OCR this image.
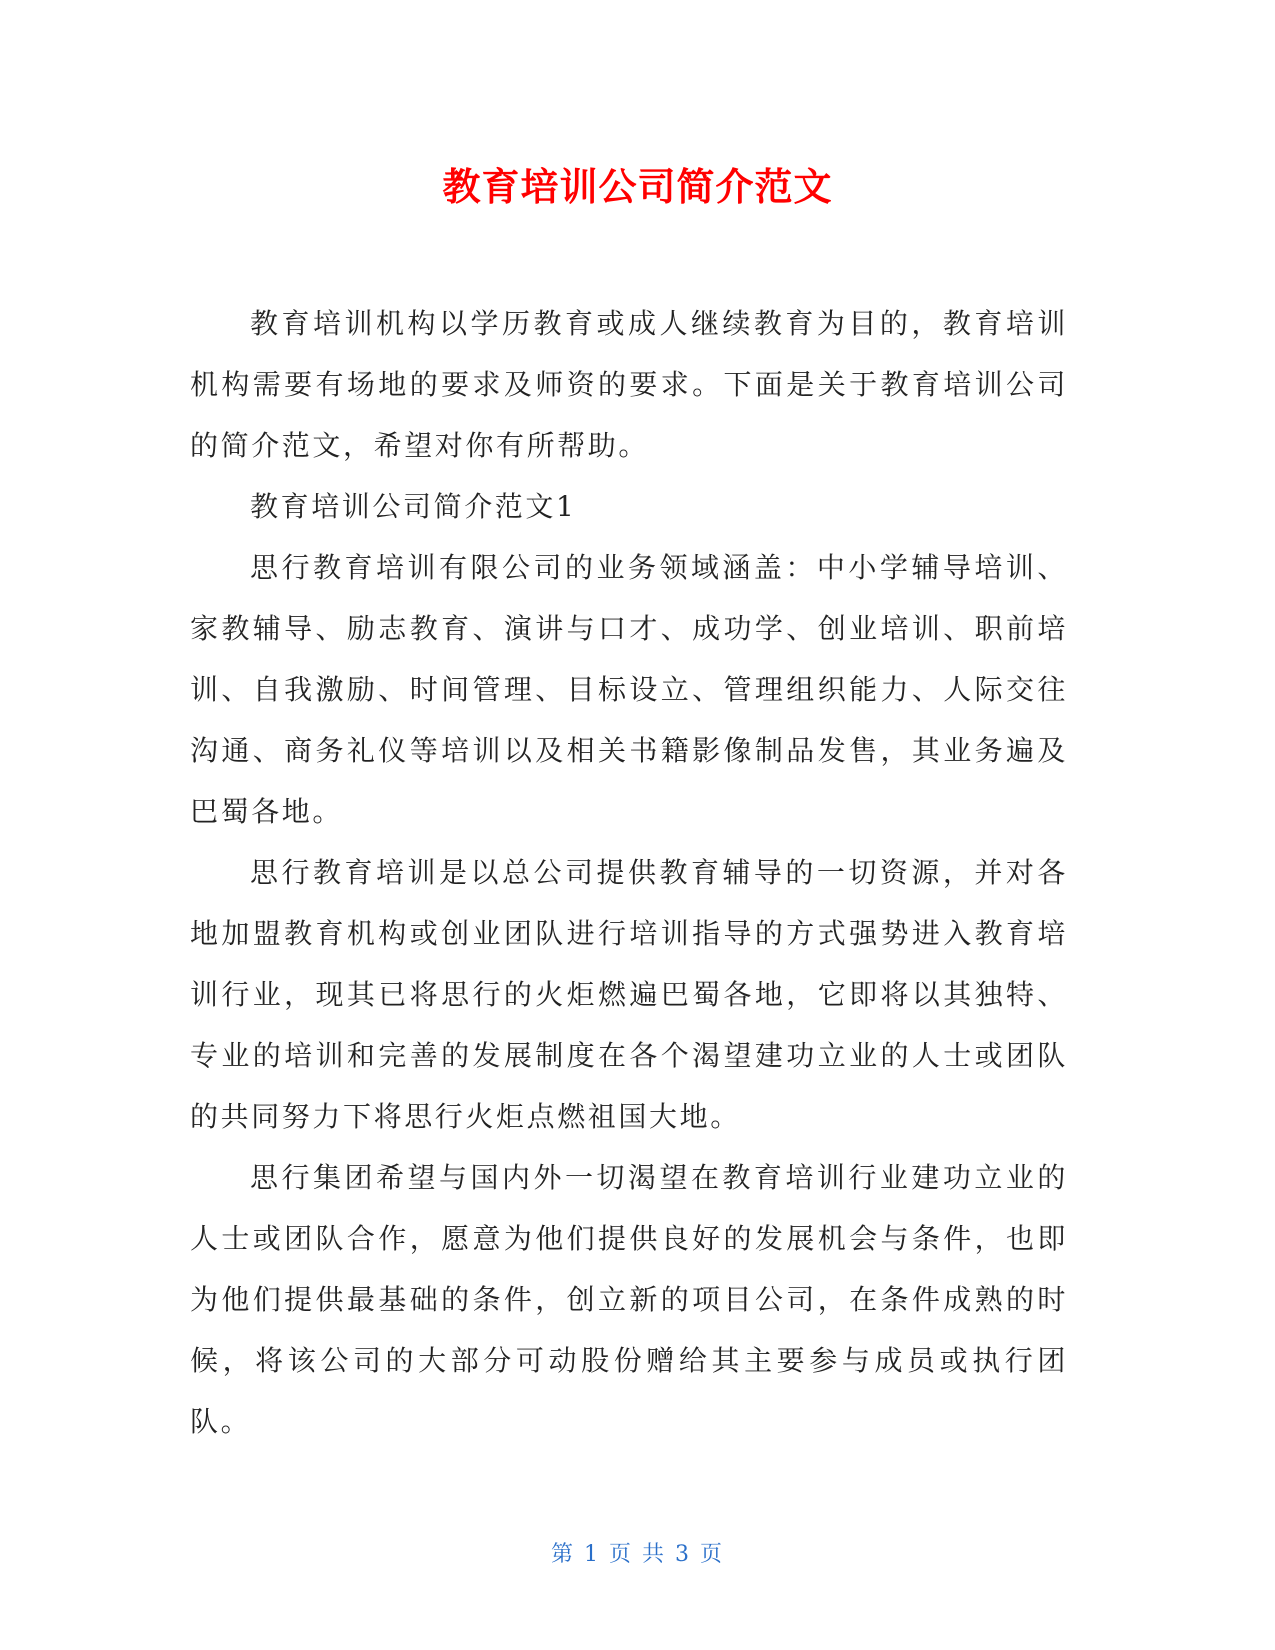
教育培训公司简介范文

教育培训机构以学历教育或成人继续教育为目的，教育培训机构需要有场地的要求及师资的要求。下面是关于教育培训公司的简介范文，希望对你有所帮助。

教育培训公司简介范文1

思行教育培训有限公司的业务领域涵盖：中小学辅导培训、家教辅导、励志教育、演讲与口才、成功学、创业培训、职前培训、自我激励、时间管理、目标设立、管理组织能力、人际交往沟通、商务礼仪等培训以及相关书籍影像制品发售，其业务遍及巴蜀各地。

思行教育培训是以总公司提供教育辅导的一切资源，并对各地加盟教育机构或创业团队进行培训指导的方式强势进入教育培训行业，现其已将思行的火炬燃遍巴蜀各地，它即将以其独特、专业的培训和完善的发展制度在各个渴望建功立业的人士或团队的共同努力下将思行火炬点燃祖国大地。

思行集团希望与国内外一切渴望在教育培训行业建功立业的人士或团队合作，愿意为他们提供良好的发展机会与条件，也即为他们提供最基础的条件，创立新的项目公司，在条件成熟的时候，将该公司的大部分可动股份赠给其主要参与成员或执行团队。

第 1 页 共 3 页
